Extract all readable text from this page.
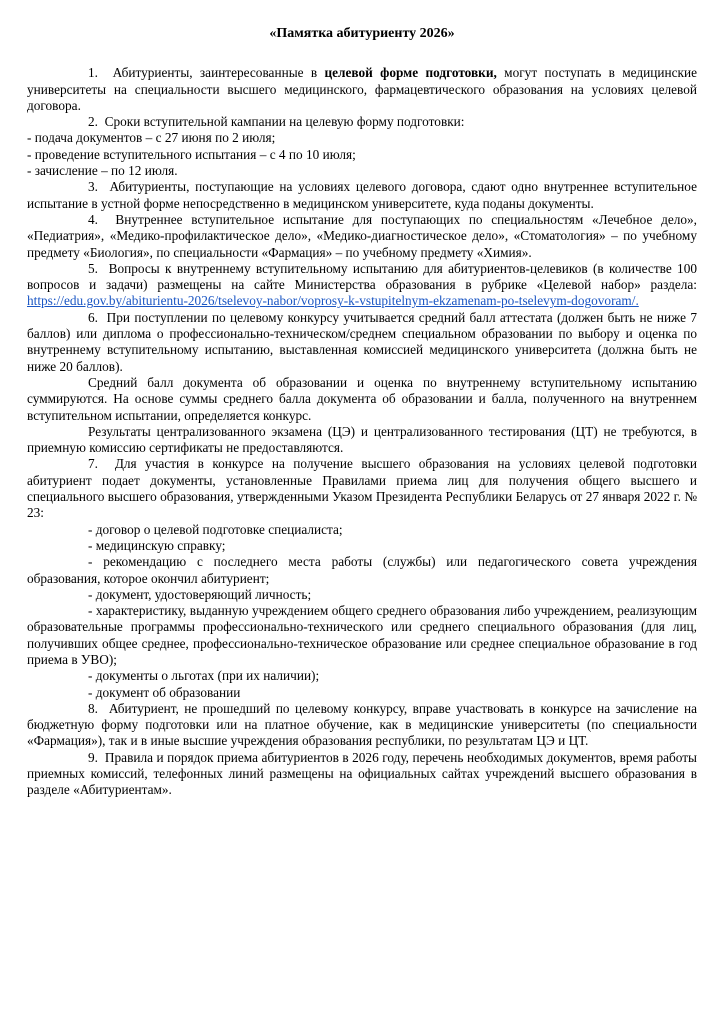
«Памятка абитуриенту 2026»

1.  Абитуриенты, заинтересованные в целевой форме подготовки, могут поступать в медицинские университеты на специальности высшего медицинского, фармацевтического образования на условиях целевой договора.

2.  Сроки вступительной кампании на целевую форму подготовки:

- подача документов – с 27 июня по 2 июля;

- проведение вступительного испытания – с 4 по 10 июля;

- зачисление – по 12 июля.

3.  Абитуриенты, поступающие на условиях целевого договора, сдают одно внутреннее вступительное испытание в устной форме непосредственно в медицинском университете, куда поданы документы.

4.  Внутреннее вступительное испытание для поступающих по специальностям «Лечебное дело», «Педиатрия», «Медико-профилактическое дело», «Медико-диагностическое дело», «Стоматология» – по учебному предмету «Биология», по специальности «Фармация» – по учебному предмету «Химия».

5.  Вопросы к внутреннему вступительному испытанию для абитуриентов-целевиков (в количестве 100 вопросов и задачи) размещены на сайте Министерства образования в рубрике «Целевой набор» раздела: https://edu.gov.by/abiturientu-2026/tselevoy-nabor/voprosy-k-vstupitelnym-ekzamenam-po-tselevym-dogovoram/.

6.  При поступлении по целевому конкурсу учитывается средний балл аттестата (должен быть не ниже 7 баллов) или диплома о профессионально-техническом/среднем специальном образовании по выбору и оценка по внутреннему вступительному испытанию, выставленная комиссией медицинского университета (должна быть не ниже 20 баллов).

Средний балл документа об образовании и оценка по внутреннему вступительному испытанию суммируются. На основе суммы среднего балла документа об образовании и балла, полученного на внутреннем вступительном испытании, определяется конкурс.

Результаты централизованного экзамена (ЦЭ) и централизованного тестирования (ЦТ) не требуются, в приемную комиссию сертификаты не предоставляются.

7.  Для участия в конкурсе на получение высшего образования на условиях целевой подготовки абитуриент подает документы, установленные Правилами приема лиц для получения общего высшего и специального высшего образования, утвержденными Указом Президента Республики Беларусь от 27 января 2022 г. № 23:

- договор о целевой подготовке специалиста;

- медицинскую справку;

- рекомендацию с последнего места работы (службы) или педагогического совета учреждения образования, которое окончил абитуриент;

- документ, удостоверяющий личность;

- характеристику, выданную учреждением общего среднего образования либо учреждением, реализующим образовательные программы профессионально-технического или среднего специального образования (для лиц, получивших общее среднее, профессионально-техническое образование или среднее специальное образование в год приема в УВО);

- документы о льготах (при их наличии);

- документ об образовании

8.  Абитуриент, не прошедший по целевому конкурсу, вправе участвовать в конкурсе на зачисление на бюджетную форму подготовки или на платное обучение, как в медицинские университеты (по специальности «Фармация»), так и в иные высшие учреждения образования республики, по результатам ЦЭ и ЦТ.

9.  Правила и порядок приема абитуриентов в 2026 году, перечень необходимых документов, время работы приемных комиссий, телефонных линий размещены на официальных сайтах учреждений высшего образования в разделе «Абитуриентам».
